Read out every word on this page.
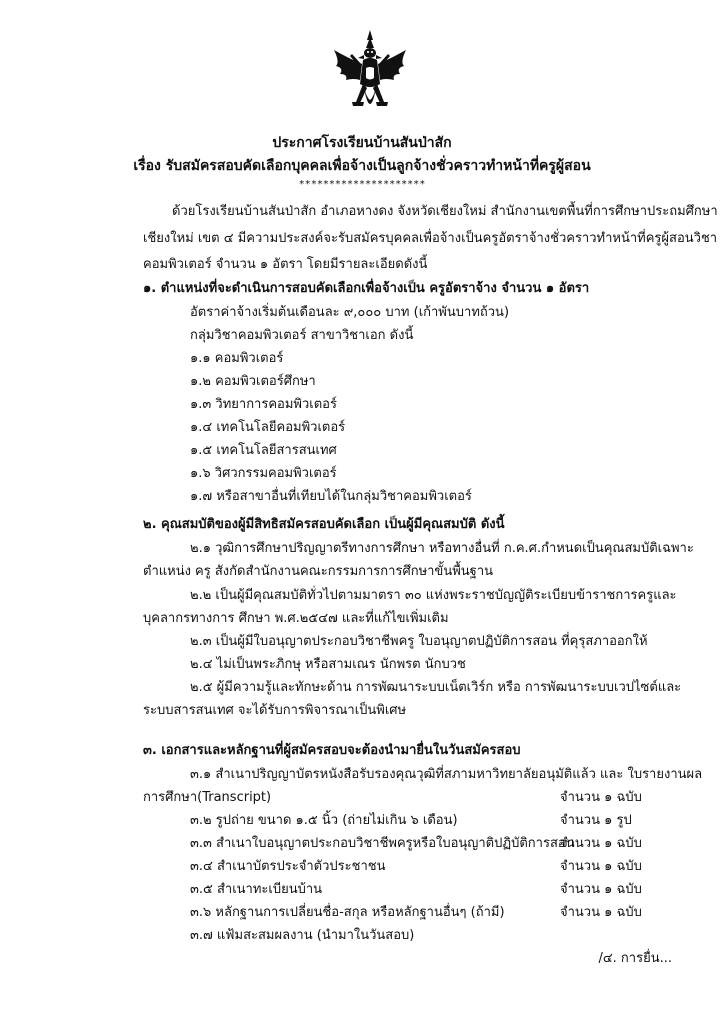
ประกาศโรงเรียนบ้านสันป่าสัก
เรื่อง รับสมัครสอบคัดเลือกบุคคลเพื่อจ้างเป็นลูกจ้างชั่วคราวทำหน้าที่ครูผู้สอน
*********************
ด้วยโรงเรียนบ้านสันป่าสัก อำเภอหางดง จังหวัดเชียงใหม่ สำนักงานเขตพื้นที่การศึกษาประถมศึกษา
เชียงใหม่ เขต ๔ มีความประสงค์จะรับสมัครบุคคลเพื่อจ้างเป็นครูอัตราจ้างชั่วคราวทำหน้าที่ครูผู้สอนวิชา
คอมพิวเตอร์ จำนวน ๑ อัตรา โดยมีรายละเอียดดังนี้
๑. ตำแหน่งที่จะดำเนินการสอบคัดเลือกเพื่อจ้างเป็น ครูอัตราจ้าง จำนวน ๑ อัตรา
อัตราค่าจ้างเริ่มต้นเดือนละ ๙,๐๐๐ บาท (เก้าพันบาทถ้วน)
กลุ่มวิชาคอมพิวเตอร์ สาขาวิชาเอก ดังนี้
๑.๑ คอมพิวเตอร์
๑.๒ คอมพิวเตอร์ศึกษา
๑.๓ วิทยาการคอมพิวเตอร์
๑.๔ เทคโนโลยีคอมพิวเตอร์
๑.๕ เทคโนโลยีสารสนเทศ
๑.๖ วิศวกรรมคอมพิวเตอร์
๑.๗ หรือสาขาอื่นที่เทียบได้ในกลุ่มวิชาคอมพิวเตอร์
๒. คุณสมบัติของผู้มีสิทธิสมัครสอบคัดเลือก เป็นผู้มีคุณสมบัติ ดังนี้
๒.๑ วุฒิการศึกษาปริญญาตรีทางการศึกษา หรือทางอื่นที่ ก.ค.ศ.กำหนดเป็นคุณสมบัติเฉพาะ
ตำแหน่ง ครู สังกัดสำนักงานคณะกรรมการการศึกษาขั้นพื้นฐาน
๒.๒ เป็นผู้มีคุณสมบัติทั่วไปตามมาตรา ๓๐ แห่งพระราชบัญญัติระเบียบข้าราชการครูและ
บุคลากรทางการ ศึกษา พ.ศ.๒๕๔๗ และที่แก้ไขเพิ่มเติม
๒.๓ เป็นผู้มีใบอนุญาตประกอบวิชาชีพครู ใบอนุญาตปฏิบัติการสอน ที่คุรุสภาออกให้
๒.๔ ไม่เป็นพระภิกษุ หรือสามเณร นักพรต นักบวช
๒.๕ ผู้มีความรู้และทักษะด้าน การพัฒนาระบบเน็ตเวิร์ก หรือ การพัฒนาระบบเวปไซต์และ
ระบบสารสนเทศ จะได้รับการพิจารณาเป็นพิเศษ
๓. เอกสารและหลักฐานที่ผู้สมัครสอบจะต้องนำมายื่นในวันสมัครสอบ
๓.๑ สำเนาปริญญาบัตรหนังสือรับรองคุณวุฒิที่สภามหาวิทยาลัยอนุมัติแล้ว และ ใบรายงานผล
การศึกษา(Transcript)	จำนวน ๑ ฉบับ
๓.๒ รูปถ่าย ขนาด ๑.๕ นิ้ว (ถ่ายไม่เกิน ๖ เดือน)	จำนวน ๑ รูป
๓.๓ สำเนาใบอนุญาตประกอบวิชาชีพครูหรือใบอนุญาติปฏิบัติการสอน
จำนวน ๑ ฉบับ
๓.๔ สำเนาบัตรประจำตัวประชาชน	จำนวน ๑ ฉบับ
๓.๕ สำเนาทะเบียนบ้าน	จำนวน ๑ ฉบับ
๓.๖ หลักฐานการเปลี่ยนชื่อ-สกุล หรือหลักฐานอื่นๆ (ถ้ามี)	จำนวน ๑ ฉบับ
๓.๗ แฟ้มสะสมผลงาน (นำมาในวันสอบ)
/๔. การยื่น...
